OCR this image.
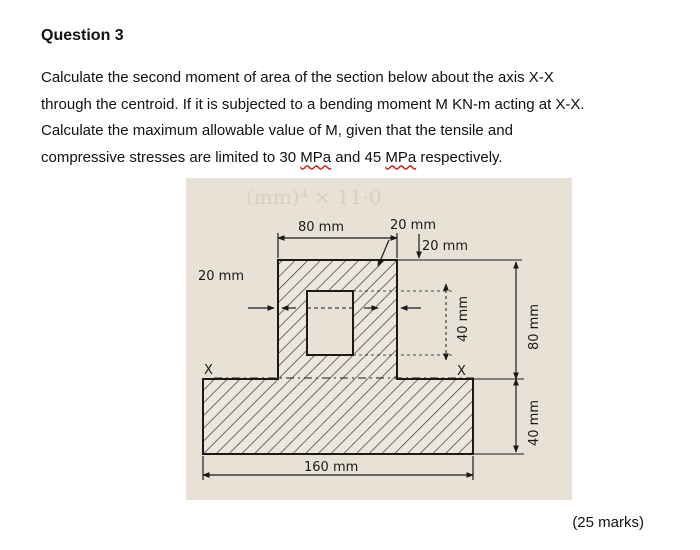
Question 3

Calculate the second moment of area of the section below about the axis X-X

through the centroid. If it is subjected to a bending moment M KN-m acting at X-X.

Calculate the maximum allowable value of M, given that the tensile and

compressive stresses are limited to 30 MPa and 45 MPa respectively.

(mm)⁴ × 11·0
80 mm	20 mm
20 mm
20 mm
X
40 mm
X
80 mm
40 mm
160 mm

(25 marks)
